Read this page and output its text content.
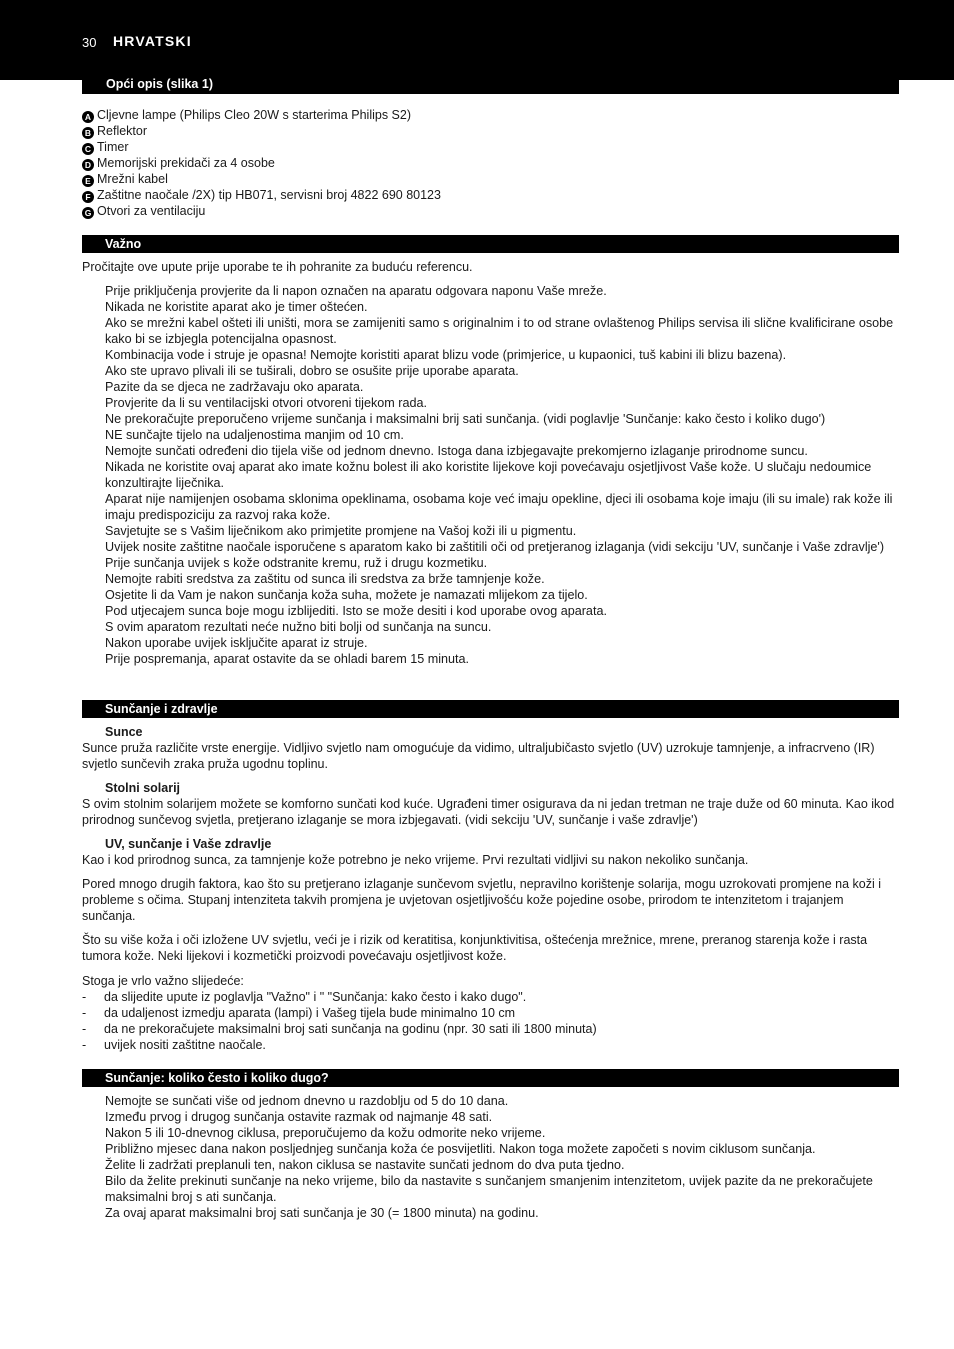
30 HRVATSKI
Opći opis (slika 1)
A Cljevne lampe (Philips Cleo 20W s starterima Philips S2)
B Reflektor
C Timer
D Memorijski prekidači za 4 osobe
E Mrežni kabel
F Zaštitne naočale /2X) tip HB071, servisni broj 4822 690 80123
G Otvori za ventilaciju
Važno
Pročitajte ove upute prije uporabe te ih pohranite za buduću referencu.

Prije priključenja provjerite da li napon označen na aparatu odgovara naponu Vaše mreže.

Nikada ne koristite aparat ako je timer oštećen.

Ako se mrežni kabel ošteti ili uništi, mora se zamijeniti samo s originalnim i to od strane ovlaštenog Philips servisa ili slične kvalificirane osobe kako bi se izbjegla potencijalna opasnost.

Kombinacija vode i struje je opasna! Nemojte koristiti aparat blizu vode (primjerice, u kupaonici, tuš kabini ili blizu bazena).

Ako ste upravo plivali ili se tuširali, dobro se osušite prije uporabe aparata.

Pazite da se djeca ne zadržavaju oko aparata.

Provjerite da li su ventilacijski otvori otvoreni tijekom rada.

Ne prekoračujte preporučeno vrijeme sunčanja i maksimalni brij sati sunčanja. (vidi poglavlje 'Sunčanje: kako često i koliko dugo')

NE sunčajte tijelo na udaljenostima manjim od 10 cm.

Nemojte sunčati određeni dio tijela više od jednom dnevno. Istoga dana izbjegavajte prekomjerno izlaganje prirodnome suncu.

Nikada ne koristite ovaj aparat ako imate kožnu bolest ili ako koristite lijekove koji povećavaju osjetljivost Vaše kože. U slučaju nedoumice konzultirajte liječnika.

Aparat nije namijenjen osobama sklonima opeklinama, osobama koje već imaju opekline, djeci ili osobama koje imaju (ili su imale) rak kože ili imaju predispoziciju za razvoj raka kože.

Savjetujte se s Vašim liječnikom ako primjetite promjene na Vašoj koži ili u pigmentu.

Uvijek nosite zaštitne naočale isporučene s aparatom kako bi zaštitili oči od pretjeranog izlaganja (vidi sekciju 'UV, sunčanje i Vaše zdravlje')

Prije sunčanja uvijek s kože odstranite kremu, ruž i drugu kozmetiku.

Nemojte rabiti sredstva za zaštitu od sunca ili sredstva za brže tamnjenje kože.

Osjetite li da Vam je nakon sunčanja koža suha, možete je namazati mlijekom za tijelo.

Pod utjecajem sunca boje mogu izblijediti. Isto se može desiti i kod uporabe ovog aparata.

S ovim aparatom rezultati neće nužno biti bolji od sunčanja na suncu.

Nakon uporabe uvijek isključite aparat iz struje.

Prije pospremanja, aparat ostavite da se ohladi barem 15 minuta.

Sunčanje i zdravlje
Sunce
Sunce pruža različite vrste energije. Vidljivo svjetlo nam omogućuje da vidimo, ultraljubičasto svjetlo (UV) uzrokuje tamnjenje, a infracrveno (IR) svjetlo sunčevih zraka pruža ugodnu toplinu.
Stolni solarij
S ovim stolnim solarijem možete se komforno sunčati kod kuće. Ugrađeni timer osigurava da ni jedan tretman ne traje duže od 60 minuta. Kao ikod prirodnog sunčevog svjetla, pretjerano izlaganje se mora izbjegavati. (vidi sekciju 'UV, sunčanje i vaše zdravlje')
UV, sunčanje i Vaše zdravlje
Kao i kod prirodnog sunca, za tamnjenje kože potrebno je neko vrijeme. Prvi rezultati vidljivi su nakon nekoliko sunčanja.
Pored mnogo drugih faktora, kao što su pretjerano izlaganje sunčevom svjetlu, nepravilno korištenje solarija, mogu uzrokovati promjene na koži i probleme s očima. Stupanj intenziteta takvih promjena je uvjetovan osjetljivošću kože pojedine osobe, prirodom te intenzitetom i trajanjem sunčanja.
Što su više koža i oči izložene UV svjetlu, veći je i rizik od keratitisa, konjunktivitisa, oštećenja mrežnice, mrene, preranog starenja kože i rasta tumora kože. Neki lijekovi i kozmetički proizvodi povećavaju osjetljivost kože.
Stoga je vrlo važno slijedeće:
- da slijedite upute iz poglavlja "Važno" i " "Sunčanja: kako često i kako dugo".
- da udaljenost izmedju aparata (lampi) i Vašeg tijela bude minimalno 10 cm
- da ne prekoračujete maksimalni broj sati sunčanja na godinu (npr. 30 sati ili 1800 minuta)
- uvijek nositi zaštitne naočale.
Sunčanje: koliko često i koliko dugo?

Nemojte se sunčati više od jednom dnevno u razdoblju od 5 do 10 dana.

Između prvog i drugog sunčanja ostavite razmak od najmanje 48 sati.

Nakon 5 ili 10-dnevnog ciklusa, preporučujemo da kožu odmorite neko vrijeme.

Približno mjesec dana nakon posljednjeg sunčanja koža će posvijetliti. Nakon toga možete započeti s novim ciklusom sunčanja.

Želite li zadržati preplanuli ten, nakon ciklusa se nastavite sunčati jednom do dva puta tjedno.

Bilo da želite prekinuti sunčanje na neko vrijeme, bilo da nastavite s sunčanjem smanjenim intenzitetom, uvijek pazite da ne prekoračujete maksimalni broj s ati sunčanja.

Za ovaj aparat maksimalni broj sati sunčanja je 30 (= 1800 minuta) na godinu.
